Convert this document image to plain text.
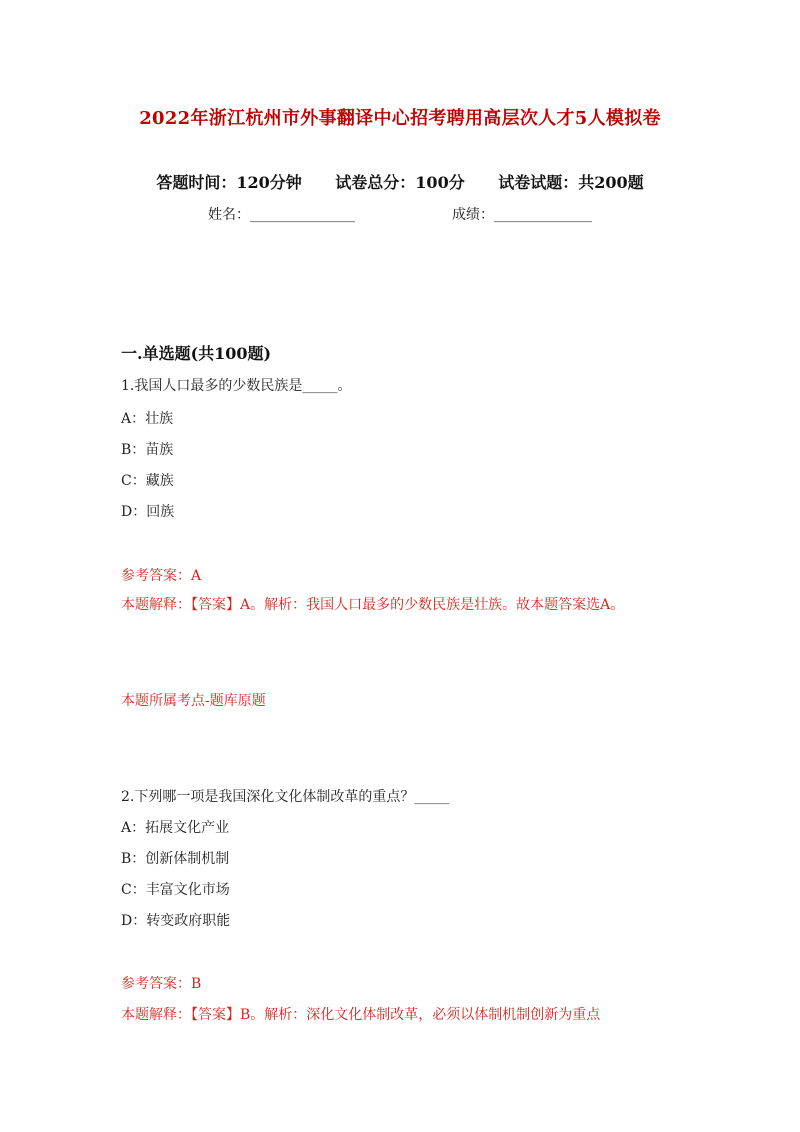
2022年浙江杭州市外事翻译中心招考聘用高层次人才5人模拟卷
答题时间：120分钟 试卷总分：100分 试卷试题：共200题
姓名：_______________	成绩：______________
一.单选题(共100题)
1.我国人口最多的少数民族是_____。
A：壮族
B：苗族
C：藏族
D：回族
参考答案：A
本题解释：【答案】A。解析：我国人口最多的少数民族是壮族。故本题答案选A。
本题所属考点-题库原题
2.下列哪一项是我国深化文化体制改革的重点？_____
A：拓展文化产业
B：创新体制机制
C：丰富文化市场
D：转变政府职能
参考答案：B
本题解释：【答案】B。解析：深化文化体制改革，必须以体制机制创新为重点
